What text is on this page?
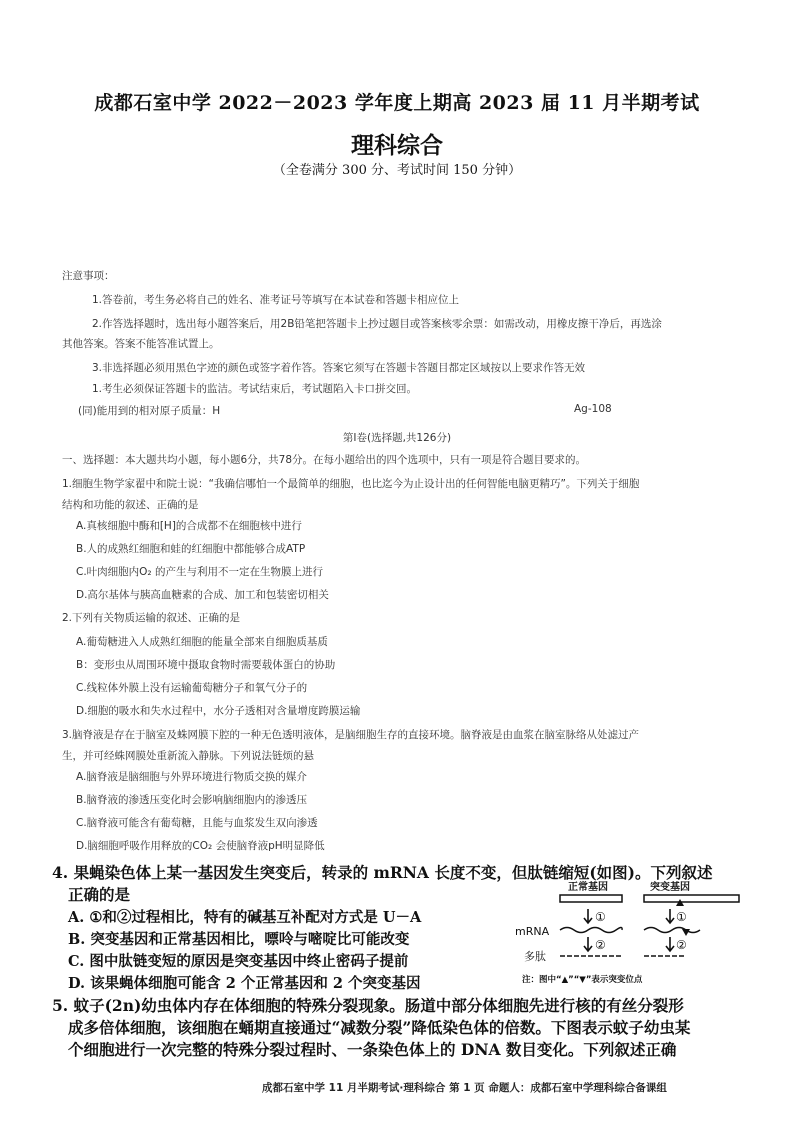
成都石室中学 2022－2023 学年度上期高 2023 届 11 月半期考试
理科综合
（全卷满分 300 分、考试时间 150 分钟）
注意事项：
1.答卷前，考生务必将自己的姓名、准考证号等填写在本试卷和答题卡相应位上
2.作答选择题时，选出每小题答案后，用2B铅笔把答题卡上抄过题目或答案核零余票：如需改动，用橡皮擦干净后，再选涂
其他答案。答案不能答准试置上。
3.非选择题必须用黑色字迹的颜色或签字着作答。答案它须写在答题卡答题目都定区域按以上要求作答无效
1.考生必须保证答题卡的监洁。考试结束后，考试题陷入卡口拼交回。
(同)能用到的相对原子质量：H	Ag-108
第Ⅰ卷(选择题,共126分)
一、选择题：本大题共均小题，每小题6分，共78分。在每小题给出的四个选项中，只有一项是符合题目要求的。
1.细胞生物学家翟中和院士说：“我确信哪怕一个最简单的细胞，也比迄今为止设计出的任何智能电脑更精巧”。下列关于细胞
结构和功能的叙述、正确的是
A.真核细胞中酶和[H]的合成都不在细胞核中进行
B.人的成熟红细胞和蛙的红细胞中都能够合成ATP
C.叶肉细胞内O₂ 的产生与利用不一定在生物膜上进行
D.高尔基体与胰高血糖素的合成、加工和包装密切相关
2.下列有关物质运输的叙述、正确的是
A.葡萄糖进入人成熟红细胞的能量全部来自细胞质基质
B：变形虫从周围环境中摄取食物时需要载体蛋白的协助
C.线粒体外膜上没有运输葡萄糖分子和氧气分子的
D.细胞的吸水和失水过程中，水分子透相对含量增度跨膜运输
3.脑脊液是存在于脑室及蛛网膜下腔的一种无色透明液体，是脑细胞生存的直接环境。脑脊液是由血浆在脑室脉络从处滤过产
生，并可经蛛网膜处重新流入静脉。下列说法链烦的悬
A.脑脊液是脑细胞与外界环境进行物质交换的媒介
B.脑脊液的渗透压变化时会影响脑细胞内的渗透压
C.脑脊液可能含有葡萄糖，且能与血浆发生双向渗透
D.脑细胞呼吸作用释放的CO₂ 会使脑脊液pH明显降低
4. 果蝇染色体上某一基因发生突变后，转录的 mRNA 长度不变，但肽链缩短(如图)。下列叙述
正确的是
A. ①和②过程相比，特有的碱基互补配对方式是 U－A
B. 突变基因和正常基因相比，嘌呤与嘧啶比可能改变
C. 图中肽链变短的原因是突变基因中终止密码子提前
D. 该果蝇体细胞可能含 2 个正常基因和 2 个突变基因
正常基因	突变基因
①	①
mRNA
②	②
多肽
注：图中“▲”“▼”表示突变位点
5. 蚊子(2n)幼虫体内存在体细胞的特殊分裂现象。肠道中部分体细胞先进行核的有丝分裂形
成多倍体细胞，该细胞在蛹期直接通过“减数分裂”降低染色体的倍数。下图表示蚊子幼虫某
个细胞进行一次完整的特殊分裂过程时、一条染色体上的 DNA 数目变化。下列叙述正确
成都石室中学 11 月半期考试·理科综合 第 1 页 命题人：成都石室中学理科综合备课组
